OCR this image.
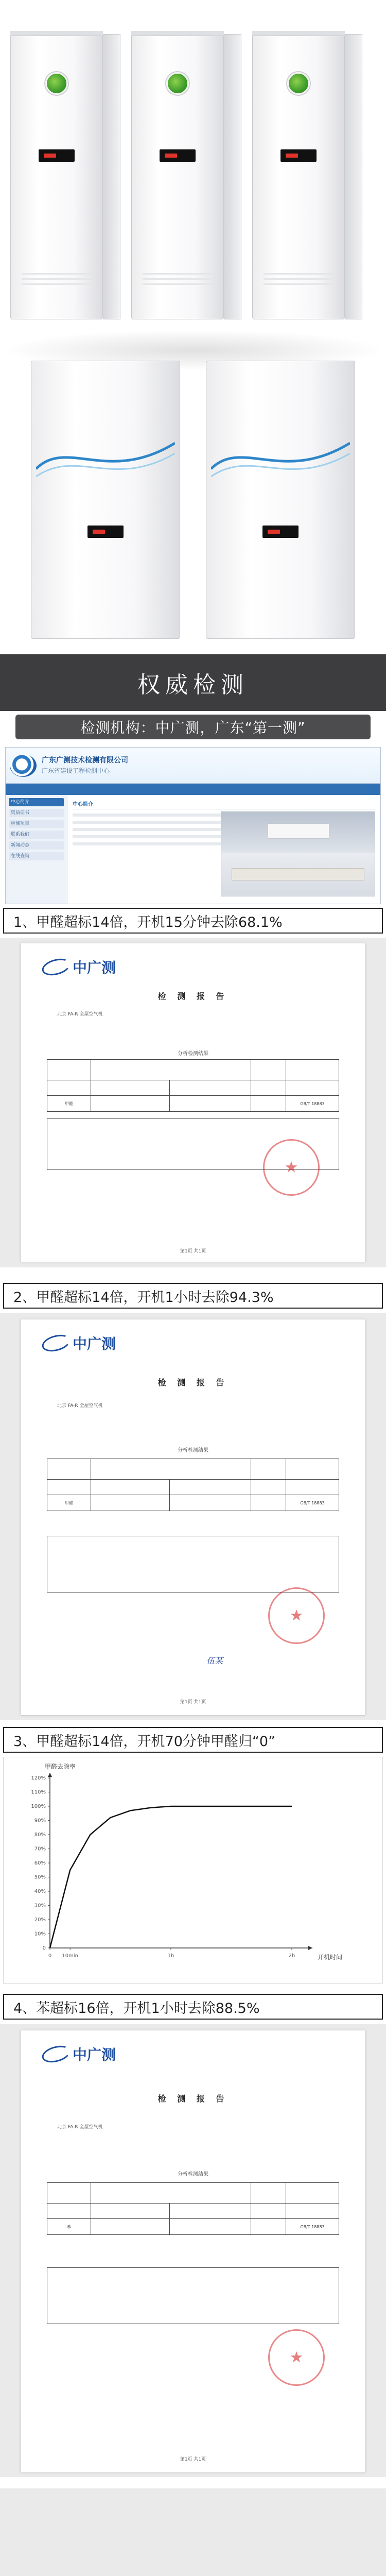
权威检测
检测机构：中广测，广东“第一测”
广东广测技术检测有限公司
广东省建设工程检测中心
中心简介
资质证书
检测项目
联系我们
新闻动态
在线查询
中心简介
1、甲醛超标14倍，开机15分钟去除68.1%
中广测
检 测 报 告
北京 FA-R 全屋空气机
分析检测结果
甲醛	GB/T 18883
★
第1页 共1页
2、甲醛超标14倍，开机1小时去除94.3%
中广测
检 测 报 告
北京 FA-R 全屋空气机
分析检测结果
甲醛	GB/T 18883
★
伍某
第1页 共1页
3、甲醛超标14倍，开机70分钟甲醛归“0”
0
10%
20%
30%
40%
50%
60%
70%
80%
90%
100%
110%
120%
0 10min	1h	2h
甲醛去除率
开机时间
4、苯超标16倍，开机1小时去除88.5%
中广测
检 测 报 告
北京 FA-R 全屋空气机
分析检测结果
苯	GB/T 18883
★
第1页 共1页
